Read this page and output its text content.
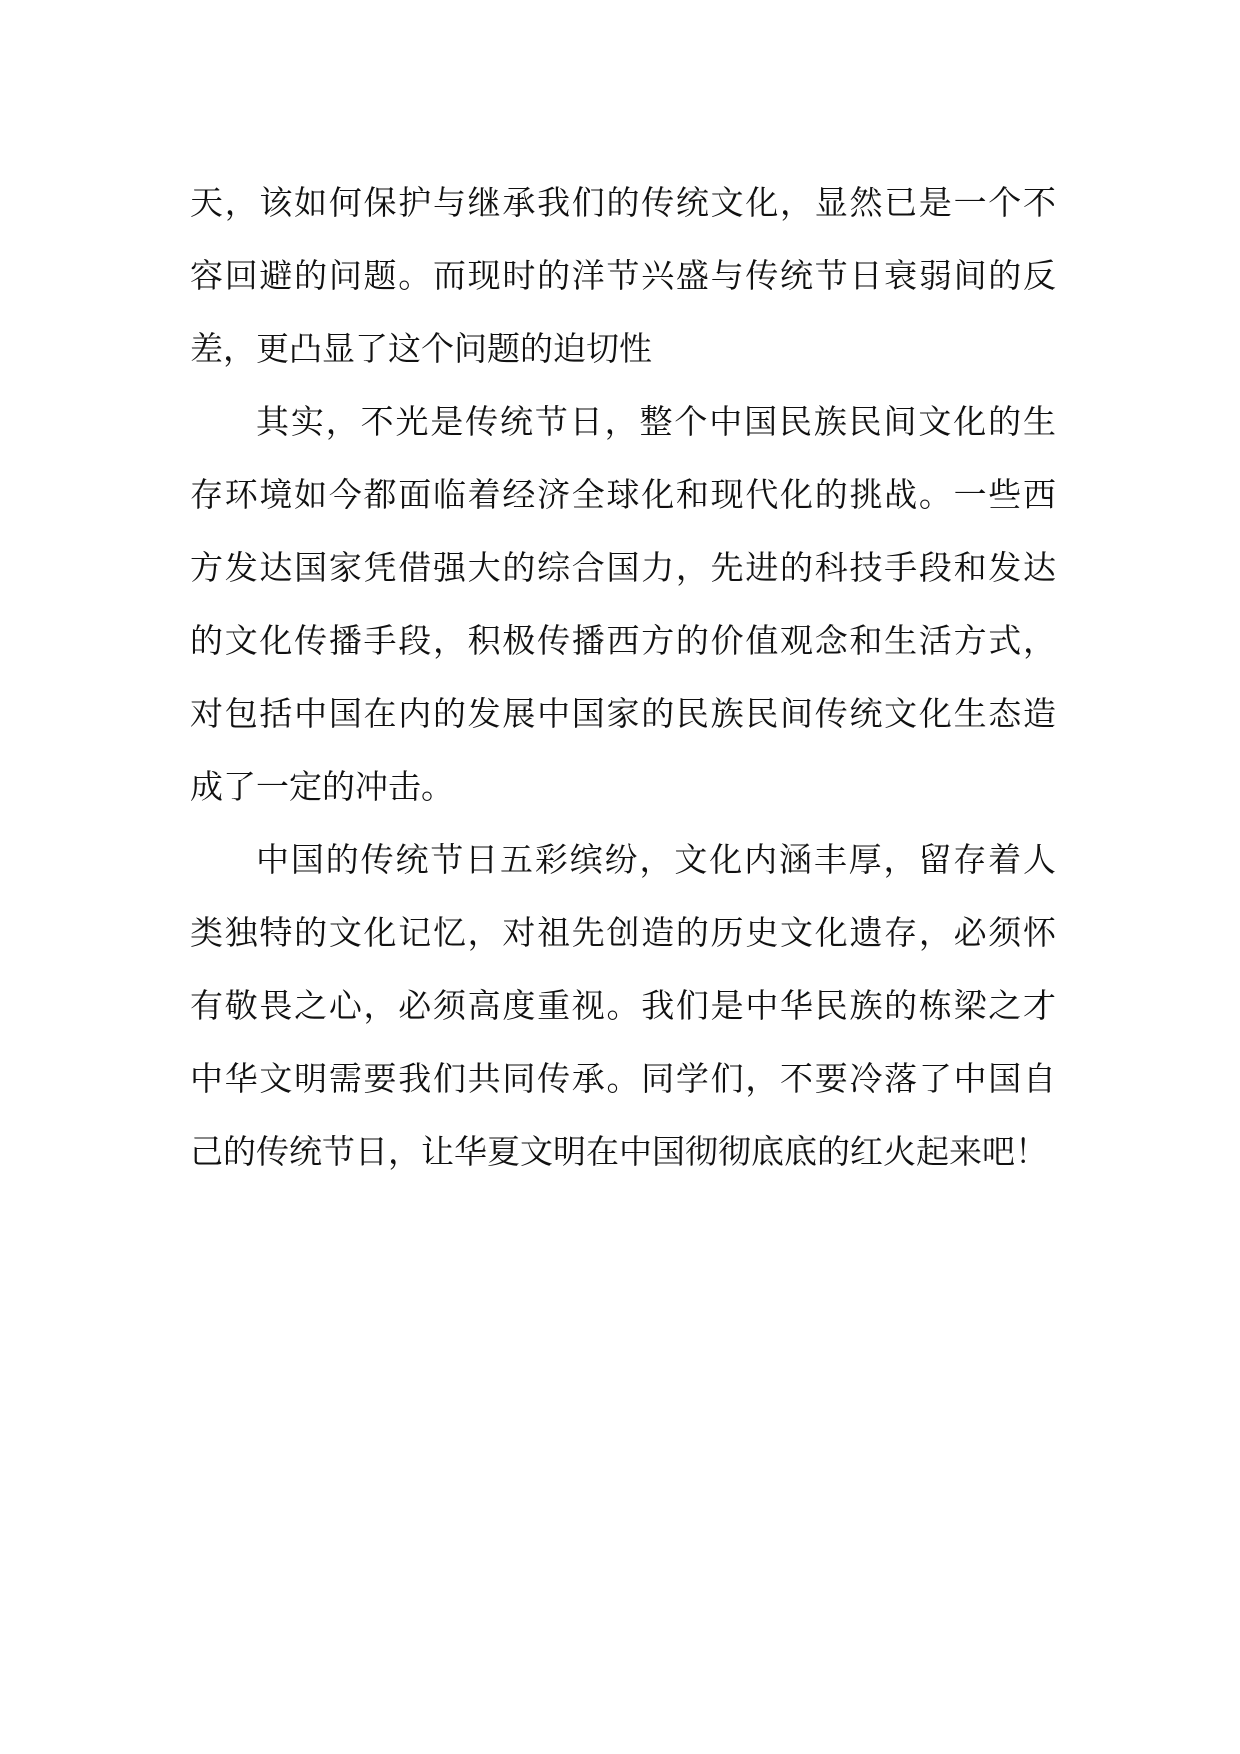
天，该如何保护与继承我们的传统文化，显然已是一个不
容回避的问题。而现时的洋节兴盛与传统节日衰弱间的反
差，更凸显了这个问题的迫切性

其实，不光是传统节日，整个中国民族民间文化的生
存环境如今都面临着经济全球化和现代化的挑战。一些西
方发达国家凭借强大的综合国力，先进的科技手段和发达
的文化传播手段，积极传播西方的价值观念和生活方式，
对包括中国在内的发展中国家的民族民间传统文化生态造
成了一定的冲击。

中国的传统节日五彩缤纷，文化内涵丰厚，留存着人
类独特的文化记忆，对祖先创造的历史文化遗存，必须怀
有敬畏之心，必须高度重视。我们是中华民族的栋梁之才
中华文明需要我们共同传承。同学们，不要冷落了中国自
己的传统节日，让华夏文明在中国彻彻底底的红火起来吧！
